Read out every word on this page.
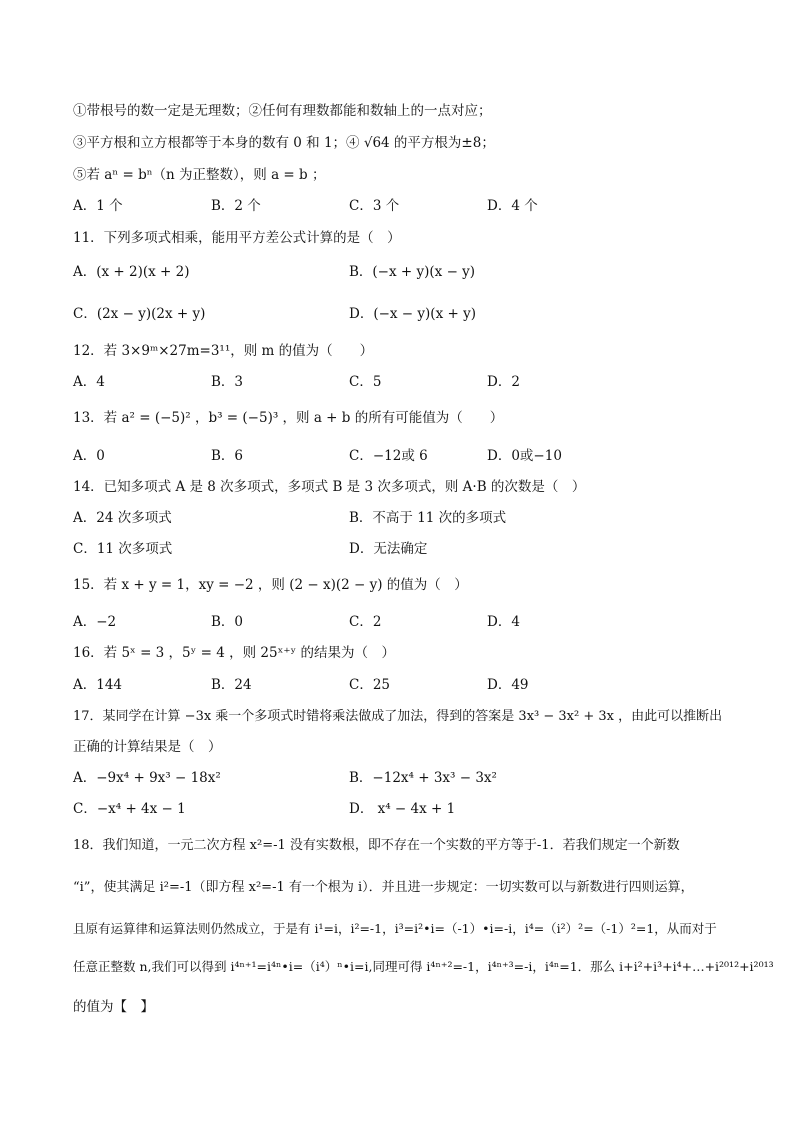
①带根号的数一定是无理数；②任何有理数都能和数轴上的一点对应；
③平方根和立方根都等于本身的数有 0 和 1；④ √64 的平方根为±8；
⑤若 aⁿ = bⁿ（n 为正整数），则 a = b ；
A．1 个	B．2 个	C．3 个	D．4 个
11．下列多项式相乘，能用平方差公式计算的是（　）
A．(x + 2)(x + 2)	B．(−x + y)(x − y)
C．(2x − y)(2x + y)	D．(−x − y)(x + y)
12．若 3×9ᵐ×27m=3¹¹，则 m 的值为（　　）
A．4	B．3	C．5	D．2
13．若 a² = (−5)² ，b³ = (−5)³ ，则 a + b 的所有可能值为（　　）
A．0	B．6	C．−12或 6	D．0或−10
14．已知多项式 A 是 8 次多项式，多项式 B 是 3 次多项式，则 A·B 的次数是（　）
A．24 次多项式	B．不高于 11 次的多项式
C．11 次多项式	D．无法确定
15．若 x + y = 1，xy = −2 ，则 (2 − x)(2 − y) 的值为（　）
A．−2	B．0	C．2	D．4
16．若 5ˣ = 3 ，5ʸ = 4 ，则 25ˣ⁺ʸ 的结果为（　）
A．144	B．24	C．25	D．49
17．某同学在计算 −3x 乘一个多项式时错将乘法做成了加法，得到的答案是 3x³ − 3x² + 3x ，由此可以推断出
正确的计算结果是（　）
A．−9x⁴ + 9x³ − 18x²	B．−12x⁴ + 3x³ − 3x²
C．−x⁴ + 4x − 1	D． x⁴ − 4x + 1
18．我们知道，一元二次方程 x²=-1 没有实数根，即不存在一个实数的平方等于-1．若我们规定一个新数
“i”，使其满足 i²=-1（即方程 x²=-1 有一个根为 i）．并且进一步规定：一切实数可以与新数进行四则运算，
且原有运算律和运算法则仍然成立，于是有 i¹=i，i²=-1，i³=i²•i=（-1）•i=-i，i⁴=（i²）²=（-1）²=1，从而对于
任意正整数 n,我们可以得到 i⁴ⁿ⁺¹=i⁴ⁿ•i=（i⁴）ⁿ•i=i,同理可得 i⁴ⁿ⁺²=-1，i⁴ⁿ⁺³=-i，i⁴ⁿ=1．那么 i+i²+i³+i⁴+…+i²⁰¹²+i²⁰¹³
的值为【　】
